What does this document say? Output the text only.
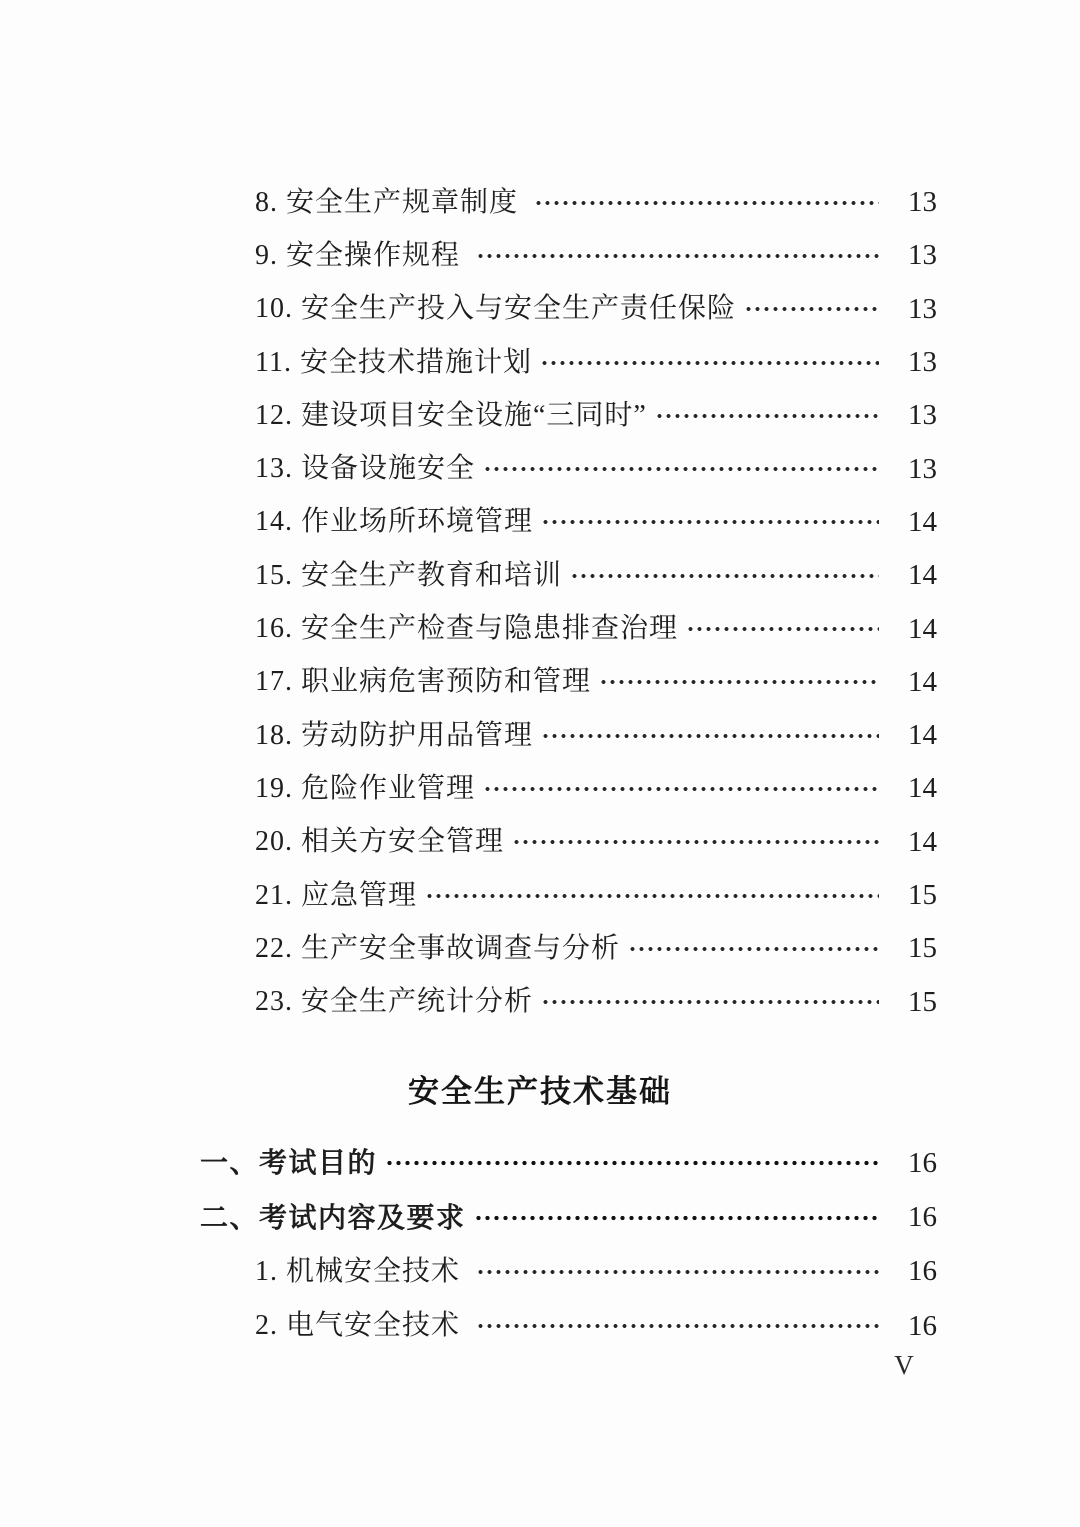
8. 安全生产规章制度	13
9. 安全操作规程	13
10. 安全生产投入与安全生产责任保险	13
11. 安全技术措施计划	13
12. 建设项目安全设施“三同时”	13
13. 设备设施安全	13
14. 作业场所环境管理	14
15. 安全生产教育和培训	14
16. 安全生产检查与隐患排查治理	14
17. 职业病危害预防和管理	14
18. 劳动防护用品管理	14
19. 危险作业管理	14
20. 相关方安全管理	14
21. 应急管理	15
22. 生产安全事故调查与分析	15
23. 安全生产统计分析	15
安全生产技术基础
一、考试目的	16
二、考试内容及要求	16
1. 机械安全技术	16
2. 电气安全技术	16
V
